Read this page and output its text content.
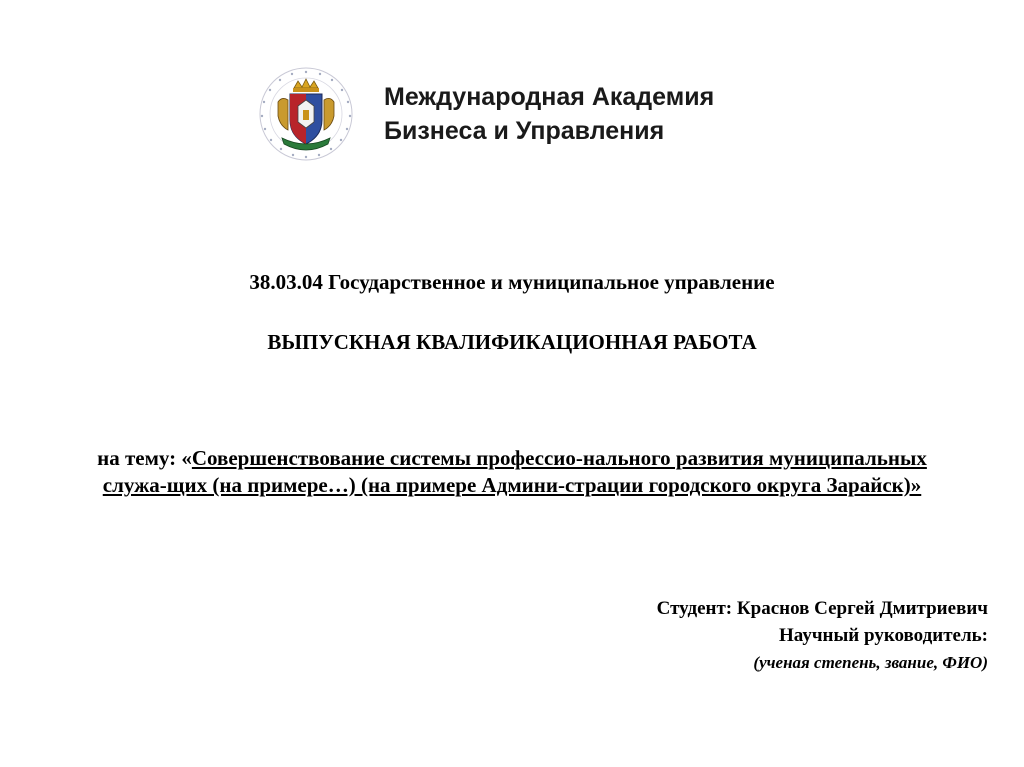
Международная Академия
Бизнеса и Управления
38.03.04 Государственное и муниципальное управление
ВЫПУСКНАЯ КВАЛИФИКАЦИОННАЯ РАБОТА
на тему: «Совершенствование системы профессио-нального развития муниципальных служа-щих (на примере…) (на примере Админи-страции городского округа Зарайск)»
Студент: Краснов Сергей Дмитриевич
Научный руководитель:
(ученая степень, звание, ФИО)
